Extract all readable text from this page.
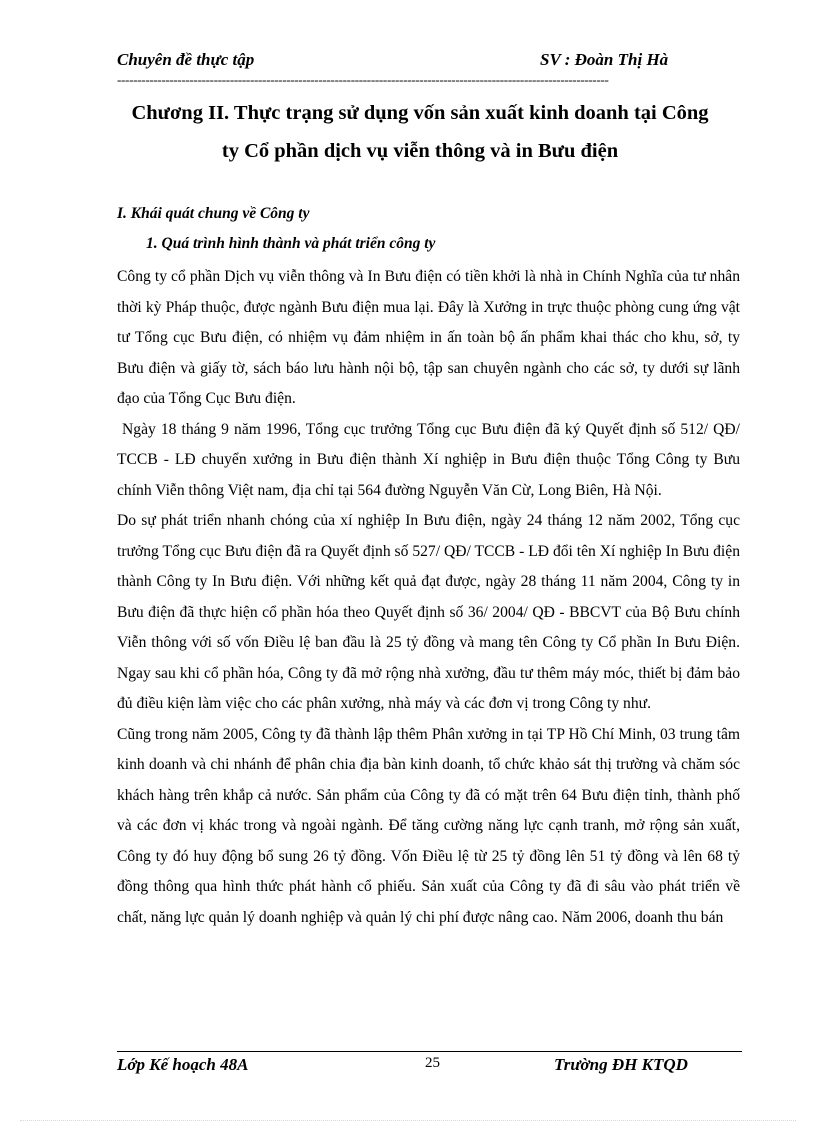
Chuyên đề thực tập	SV : Đoàn Thị Hà
--------------------------------------------------------------------------------------------------------------------------
Chương II. Thực trạng sử dụng vốn sản xuất kinh doanh tại Công
ty Cổ phần dịch vụ viễn thông và in Bưu điện
I. Khái quát chung về Công ty
1. Quá trình hình thành và phát triển công ty

Công ty cổ phần Dịch vụ viễn thông và In Bưu điện có tiền khởi là nhà in Chính Nghĩa của tư nhân thời kỳ Pháp thuộc, được ngành Bưu điện mua lại. Đây là Xưởng in trực thuộc phòng cung ứng vật tư Tổng cục Bưu điện, có nhiệm vụ đảm nhiệm in ấn toàn bộ ấn phẩm khai thác cho khu, sở, ty Bưu điện và giấy tờ, sách báo lưu hành nội bộ, tập san chuyên ngành cho các sở, ty dưới sự lãnh đạo của Tổng Cục Bưu điện.

Ngày 18 tháng 9 năm 1996, Tổng cục trưởng Tổng cục Bưu điện đã ký Quyết định số 512/ QĐ/ TCCB - LĐ chuyển xưởng in Bưu điện thành Xí nghiệp in Bưu điện thuộc Tổng Công ty Bưu chính Viễn thông Việt nam, địa chỉ tại 564 đường Nguyễn Văn Cừ, Long Biên, Hà Nội.

Do sự phát triển nhanh chóng của xí nghiệp In Bưu điện, ngày 24 tháng 12 năm 2002, Tổng cục trưởng Tổng cục Bưu điện đã ra Quyết định số 527/ QĐ/ TCCB - LĐ đổi tên Xí nghiệp In Bưu điện thành Công ty In Bưu điện. Với những kết quả đạt được, ngày 28 tháng 11 năm 2004, Công ty in Bưu điện đã thực hiện cổ phần hóa theo Quyết định số 36/ 2004/ QĐ - BBCVT của Bộ Bưu chính Viễn thông với số vốn Điều lệ ban đầu là 25 tỷ đồng và mang tên Công ty Cổ phần In Bưu Điện. Ngay sau khi cổ phần hóa, Công ty đã mở rộng nhà xưởng, đầu tư thêm máy móc, thiết bị đảm bảo đủ điều kiện làm việc cho các phân xưởng, nhà máy và các đơn vị trong Công ty như.

Cũng trong năm 2005, Công ty đã thành lập thêm Phân xưởng in tại TP Hồ Chí Minh, 03 trung tâm kinh doanh và chi nhánh để phân chia địa bàn kinh doanh, tổ chức khảo sát thị trường và chăm sóc khách hàng trên khắp cả nước. Sản phẩm của Công ty đã có mặt trên 64 Bưu điện tỉnh, thành phố và các đơn vị khác trong và ngoài ngành. Để tăng cường năng lực cạnh tranh, mở rộng sản xuất, Công ty đó huy động bổ sung 26 tỷ đồng. Vốn Điều lệ từ 25 tỷ đồng lên 51 tỷ đồng và lên 68 tỷ đồng thông qua hình thức phát hành cổ phiếu. Sản xuất của Công ty đã đi sâu vào phát triển về chất, năng lực quản lý doanh nghiệp và quản lý chi phí được nâng cao. Năm 2006, doanh thu bán

Lớp Kế hoạch 48A	25	Trường ĐH KTQD
